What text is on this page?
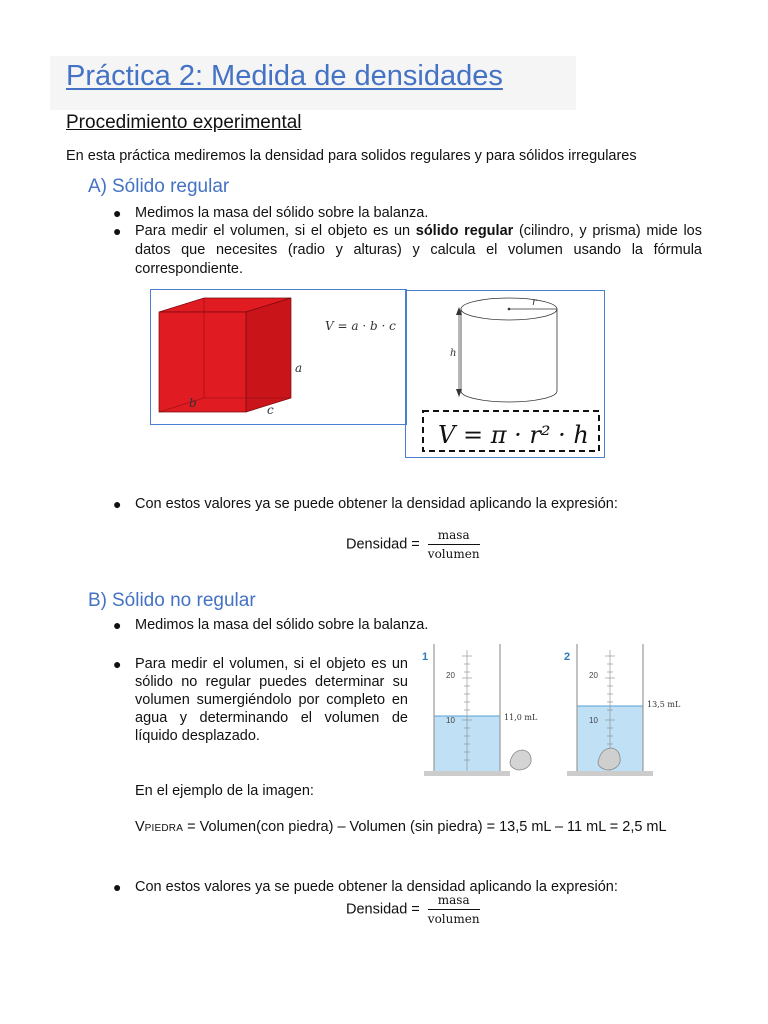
Práctica 2: Medida de densidades
Procedimiento experimental
En esta práctica mediremos la densidad para solidos regulares y para sólidos irregulares
A) Sólido regular
● Medimos la masa del sólido sobre la balanza.
● Para medir el volumen, si el objeto es un sólido regular (cilindro, y prisma) mide los datos que necesites (radio y alturas) y calcula el volumen usando la fórmula correspondiente.
V = a · b · c
a
b	c
r
h
V = π · r² · h
● Con estos valores ya se puede obtener la densidad aplicando la expresión:
Densidad = $\frac{\text{masa}}{\text{volumen}}$
B) Sólido no regular
● Medimos la masa del sólido sobre la balanza.
● Para medir el volumen, si el objeto es un sólido no regular puedes determinar su volumen sumergiéndolo por completo en agua y determinando el volumen de líquido desplazado.
1
20
10	11,0 mL
2
20
10
13,5 mL
En el ejemplo de la imagen:
VPIEDRA = Volumen(con piedra) – Volumen (sin piedra) = 13,5 mL – 11 mL = 2,5 mL
● Con estos valores ya se puede obtener la densidad aplicando la expresión:
Densidad = $\frac{\text{masa}}{\text{volumen}}$
